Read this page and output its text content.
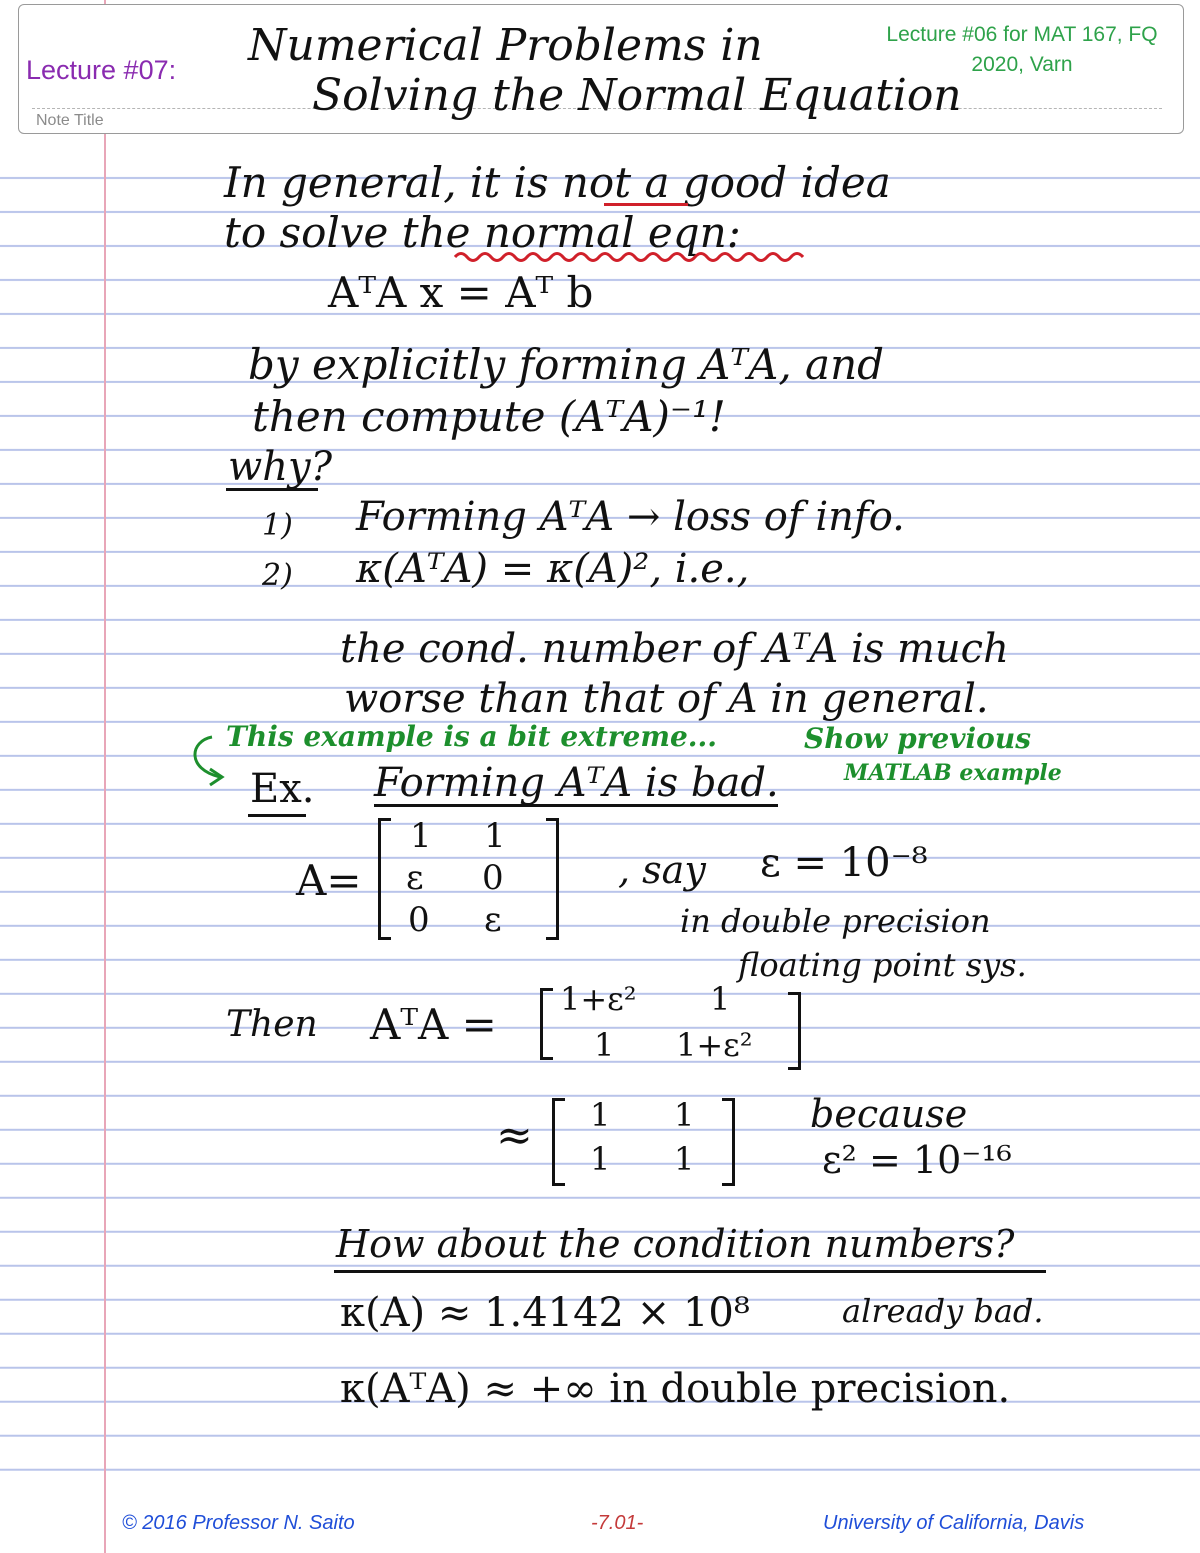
Lecture #07:
Note Title
Lecture #06 for MAT 167, FQ 2020, Varn
Numerical Problems in
Solving the Normal Equation
In general, it is not a good idea
to solve the normal eqn:
AᵀA x = Aᵀ b
by explicitly forming AᵀA, and
then compute (AᵀA)⁻¹!
why?
1) Forming AᵀA → loss of info.
2) κ(AᵀA) = κ(A)², i.e.,
the cond. number of AᵀA is much
worse than that of A in general.
This example is a bit extreme...	Show previous
MATLAB example
Ex. Forming AᵀA is bad.
A=
1 1
ε 0
0 ε
, say ε = 10⁻⁸
in double precision
floating point sys.
Then AᵀA =
1+ε² 1
1 1+ε²
≈ 1 1
1 1
because
ε² = 10⁻¹⁶
How about the condition numbers?
κ(A) ≈ 1.4142 × 10⁸	already bad.
κ(AᵀA) ≈ +∞ in double precision.
© 2016 Professor N. Saito	-7.01-	University of California, Davis
